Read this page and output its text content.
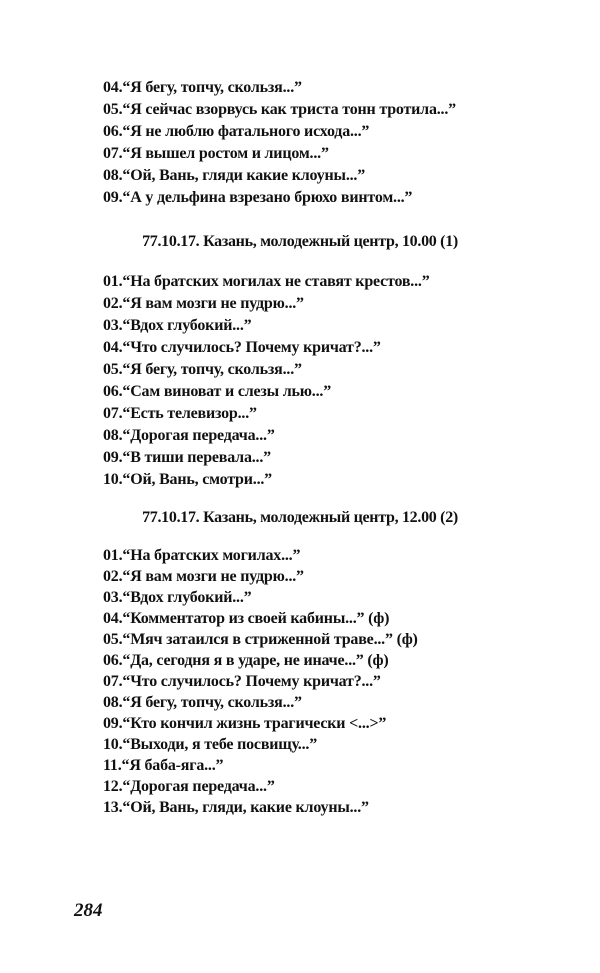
04.“Я бегу, топчу, скользя...”
05.“Я сейчас взорвусь как триста тонн тротила...”
06.“Я не люблю фатального исхода...”
07.“Я вышел ростом и лицом...”
08.“Ой, Вань, гляди какие клоуны...”
09.“А у дельфина взрезано брюхо винтом...”
77.10.17. Казань, молодежный центр, 10.00 (1)
01.“На братских могилах не ставят крестов...”
02.“Я вам мозги не пудрю...”
03.“Вдох глубокий...”
04.“Что случилось? Почему кричат?...”
05.“Я бегу, топчу, скользя...”
06.“Сам виноват и слезы лью...”
07.“Есть телевизор...”
08.“Дорогая передача...”
09.“В тиши перевала...”
10.“Ой, Вань, смотри...”
77.10.17. Казань, молодежный центр, 12.00 (2)
01.“На братских могилах...”
02.“Я вам мозги не пудрю...”
03.“Вдох глубокий...”
04.“Комментатор из своей кабины...” (ф)
05.“Мяч затаился в стриженной траве...” (ф)
06.“Да, сегодня я в ударе, не иначе...” (ф)
07.“Что случилось? Почему кричат?...”
08.“Я бегу, топчу, скользя...”
09.“Кто кончил жизнь трагически <...>”
10.“Выходи, я тебе посвищу...”
11.“Я баба-яга...”
12.“Дорогая передача...”
13.“Ой, Вань, гляди, какие клоуны...”
284
